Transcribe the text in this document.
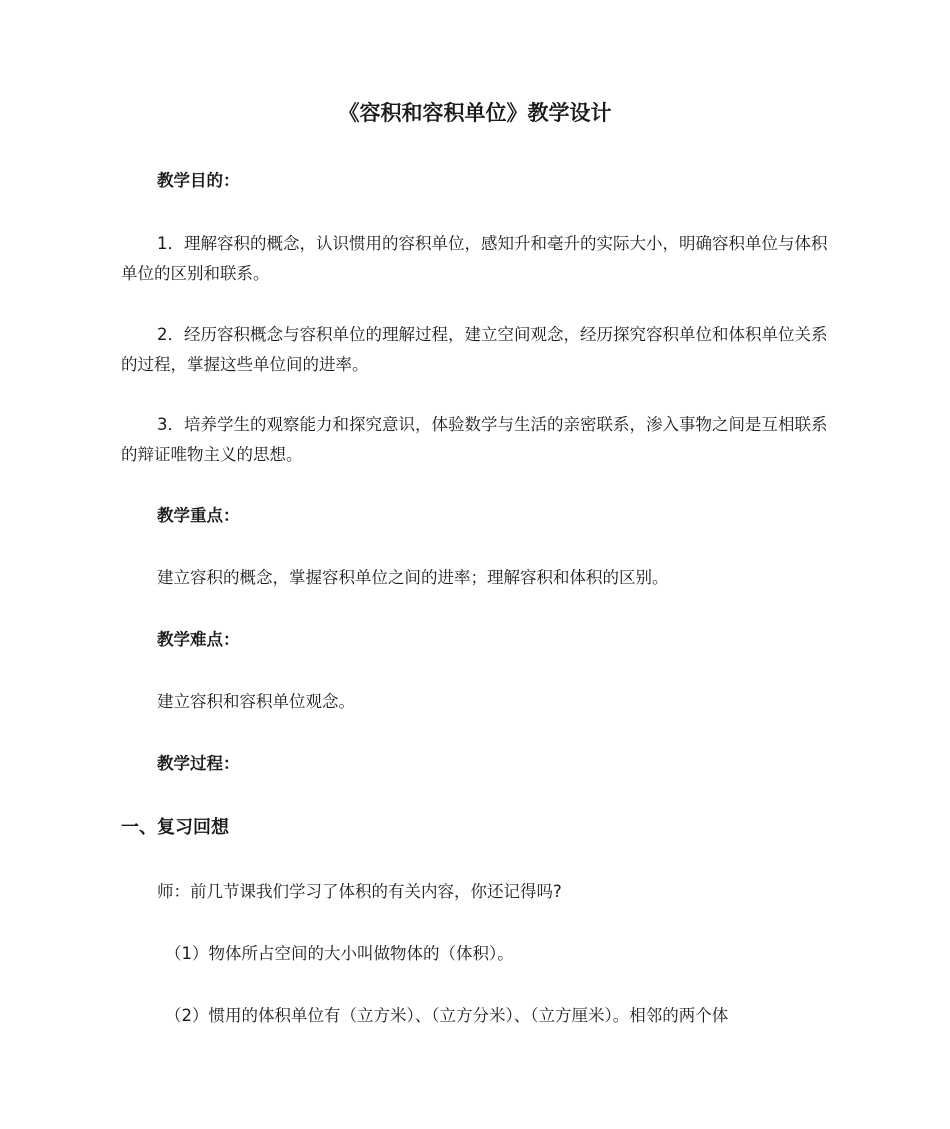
《容积和容积单位》教学设计

教学目的：

1．理解容积的概念，认识惯用的容积单位，感知升和毫升的实际大小，明确容积单位与体积单位的区别和联系。

2．经历容积概念与容积单位的理解过程，建立空间观念，经历探究容积单位和体积单位关系的过程，掌握这些单位间的进率。

3．培养学生的观察能力和探究意识，体验数学与生活的亲密联系，渗入事物之间是互相联系的辩证唯物主义的思想。

教学重点：

建立容积的概念，掌握容积单位之间的进率；理解容积和体积的区别。

教学难点：

建立容积和容积单位观念。

教学过程：

一、复习回想

师：前几节课我们学习了体积的有关内容，你还记得吗?

（1）物体所占空间的大小叫做物体的（体积）。

（2）惯用的体积单位有（立方米）、（立方分米）、（立方厘米）。相邻的两个体
